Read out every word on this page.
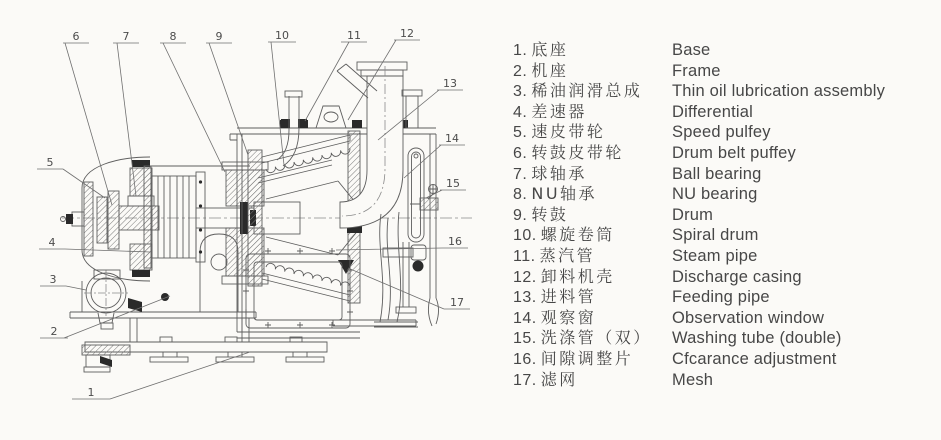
1
2
3
4
5
6	7	8	9	10	11	12
13
14
15
16
17
1. 底座	Base
2. 机座	Frame
3. 稀油润滑总成 Thin oil lubrication assembly
4. 差速器	Differential
5. 速皮带轮	Speed pulfey
6. 转鼓皮带轮	Drum belt puffey
7. 球轴承	Ball bearing
8. NU轴承	NU bearing
9. 转鼓	Drum
10. 螺旋卷筒	Spiral drum
11. 蒸汽管	Steam pipe
12. 卸料机壳	Discharge casing
13. 进料管	Feeding pipe
14. 观察窗	Observation window
15. 洗涤管（双） Washing tube (double)
16. 间隙调整片 Cfcarance adjustment
17. 滤网	Mesh
